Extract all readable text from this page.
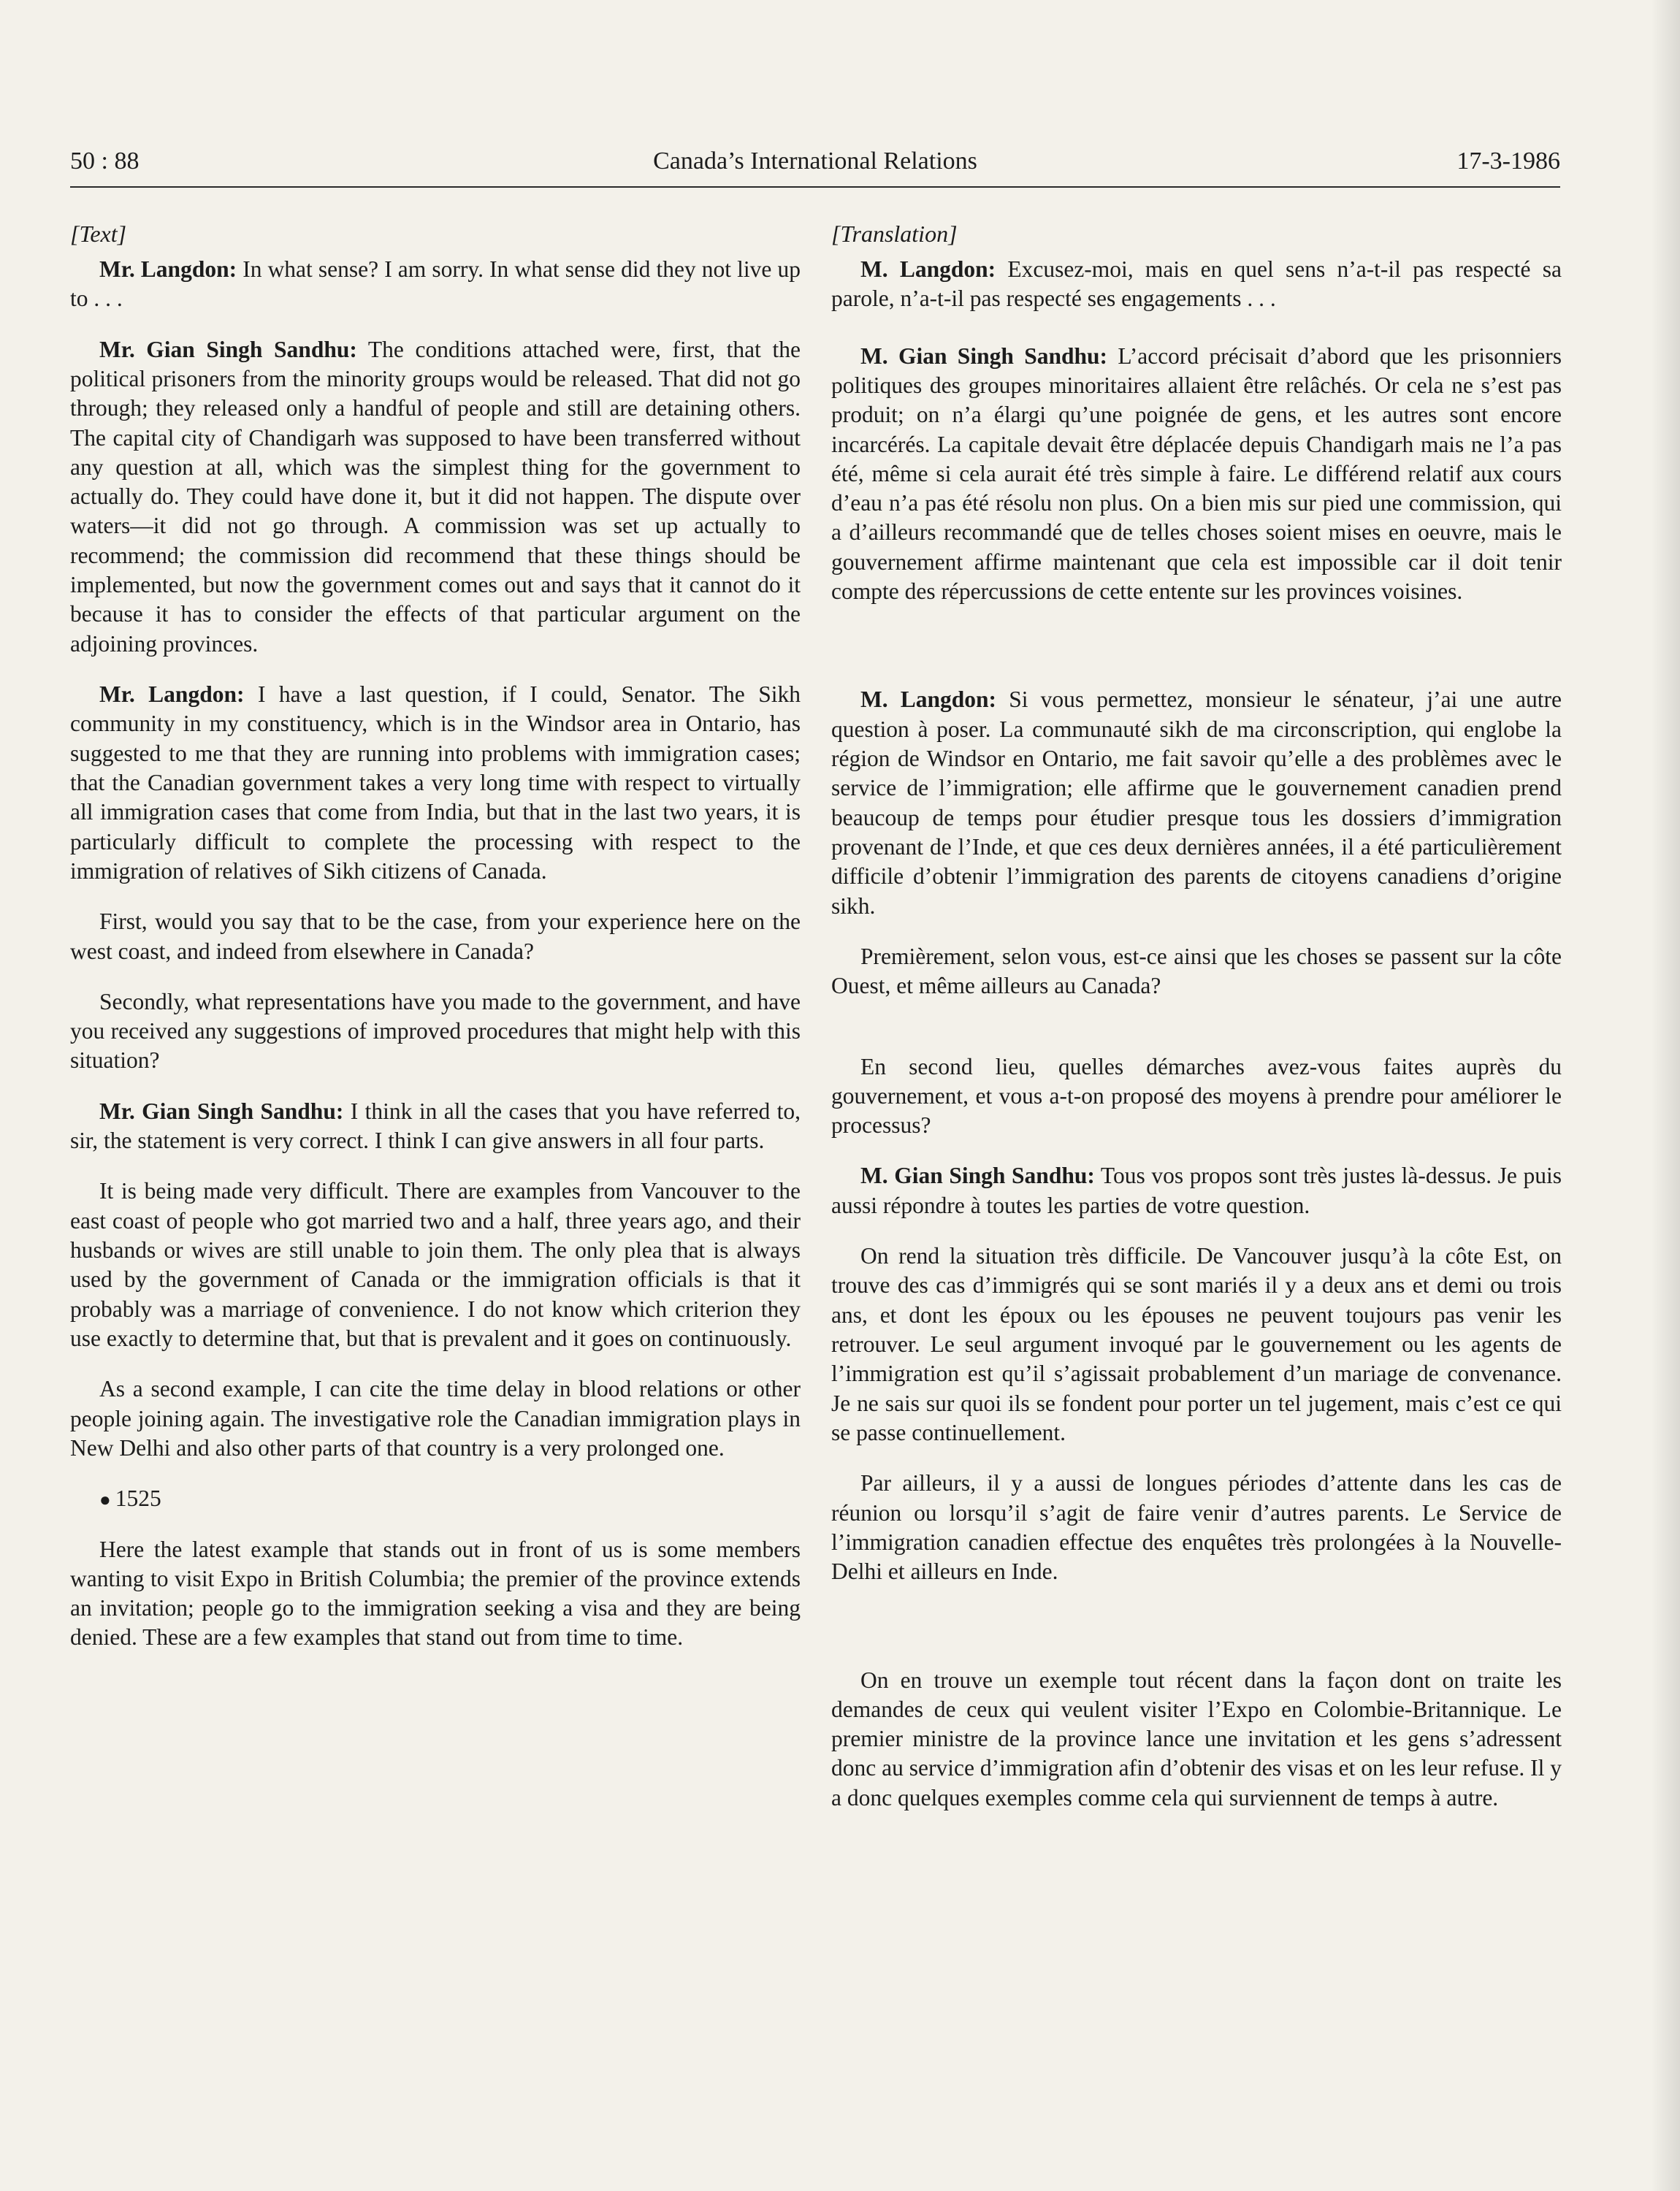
50 : 88	Canada’s International Relations	17-3-1986

[Text]

Mr. Langdon: In what sense? I am sorry. In what sense did they not live up to . . .

Mr. Gian Singh Sandhu: The conditions attached were, first, that the political prisoners from the minority groups would be released. That did not go through; they released only a handful of people and still are detaining others. The capital city of Chandigarh was supposed to have been transferred without any question at all, which was the simplest thing for the government to actually do. They could have done it, but it did not happen. The dispute over waters—it did not go through. A commission was set up actually to recommend; the commission did recommend that these things should be implemented, but now the government comes out and says that it cannot do it because it has to consider the effects of that particular argument on the adjoining provinces.

Mr. Langdon: I have a last question, if I could, Senator. The Sikh community in my constituency, which is in the Windsor area in Ontario, has suggested to me that they are running into problems with immigration cases; that the Canadian government takes a very long time with respect to virtually all immigration cases that come from India, but that in the last two years, it is particularly difficult to complete the processing with respect to the immigration of relatives of Sikh citizens of Canada.

First, would you say that to be the case, from your experience here on the west coast, and indeed from elsewhere in Canada?

Secondly, what representations have you made to the government, and have you received any suggestions of improved procedures that might help with this situation?

Mr. Gian Singh Sandhu: I think in all the cases that you have referred to, sir, the statement is very correct. I think I can give answers in all four parts.

It is being made very difficult. There are examples from Vancouver to the east coast of people who got married two and a half, three years ago, and their husbands or wives are still unable to join them. The only plea that is always used by the government of Canada or the immigration officials is that it probably was a marriage of convenience. I do not know which criterion they use exactly to determine that, but that is prevalent and it goes on continuously.

As a second example, I can cite the time delay in blood relations or other people joining again. The investigative role the Canadian immigration plays in New Delhi and also other parts of that country is a very prolonged one.

● 1525

Here the latest example that stands out in front of us is some members wanting to visit Expo in British Columbia; the premier of the province extends an invitation; people go to the immigration seeking a visa and they are being denied. These are a few examples that stand out from time to time.

[Translation]

M. Langdon: Excusez-moi, mais en quel sens n’a-t-il pas respecté sa parole, n’a-t-il pas respecté ses engagements . . .

M. Gian Singh Sandhu: L’accord précisait d’abord que les prisonniers politiques des groupes minoritaires allaient être relâchés. Or cela ne s’est pas produit; on n’a élargi qu’une poignée de gens, et les autres sont encore incarcérés. La capitale devait être déplacée depuis Chandigarh mais ne l’a pas été, même si cela aurait été très simple à faire. Le différend relatif aux cours d’eau n’a pas été résolu non plus. On a bien mis sur pied une commission, qui a d’ailleurs recommandé que de telles choses soient mises en oeuvre, mais le gouvernement affirme maintenant que cela est impossible car il doit tenir compte des répercussions de cette entente sur les provinces voisines.

M. Langdon: Si vous permettez, monsieur le sénateur, j’ai une autre question à poser. La communauté sikh de ma circonscription, qui englobe la région de Windsor en Ontario, me fait savoir qu’elle a des problèmes avec le service de l’immigration; elle affirme que le gouvernement canadien prend beaucoup de temps pour étudier presque tous les dossiers d’immigration provenant de l’Inde, et que ces deux dernières années, il a été particulièrement difficile d’obtenir l’immigration des parents de citoyens canadiens d’origine sikh.

Premièrement, selon vous, est-ce ainsi que les choses se passent sur la côte Ouest, et même ailleurs au Canada?

En second lieu, quelles démarches avez-vous faites auprès du gouvernement, et vous a-t-on proposé des moyens à prendre pour améliorer le processus?

M. Gian Singh Sandhu: Tous vos propos sont très justes là-dessus. Je puis aussi répondre à toutes les parties de votre question.

On rend la situation très difficile. De Vancouver jusqu’à la côte Est, on trouve des cas d’immigrés qui se sont mariés il y a deux ans et demi ou trois ans, et dont les époux ou les épouses ne peuvent toujours pas venir les retrouver. Le seul argument invoqué par le gouvernement ou les agents de l’immigration est qu’il s’agissait probablement d’un mariage de convenance. Je ne sais sur quoi ils se fondent pour porter un tel jugement, mais c’est ce qui se passe continuellement.

Par ailleurs, il y a aussi de longues périodes d’attente dans les cas de réunion ou lorsqu’il s’agit de faire venir d’autres parents. Le Service de l’immigration canadien effectue des enquêtes très prolongées à la Nouvelle-Delhi et ailleurs en Inde.

On en trouve un exemple tout récent dans la façon dont on traite les demandes de ceux qui veulent visiter l’Expo en Colombie-Britannique. Le premier ministre de la province lance une invitation et les gens s’adressent donc au service d’immigration afin d’obtenir des visas et on les leur refuse. Il y a donc quelques exemples comme cela qui surviennent de temps à autre.
